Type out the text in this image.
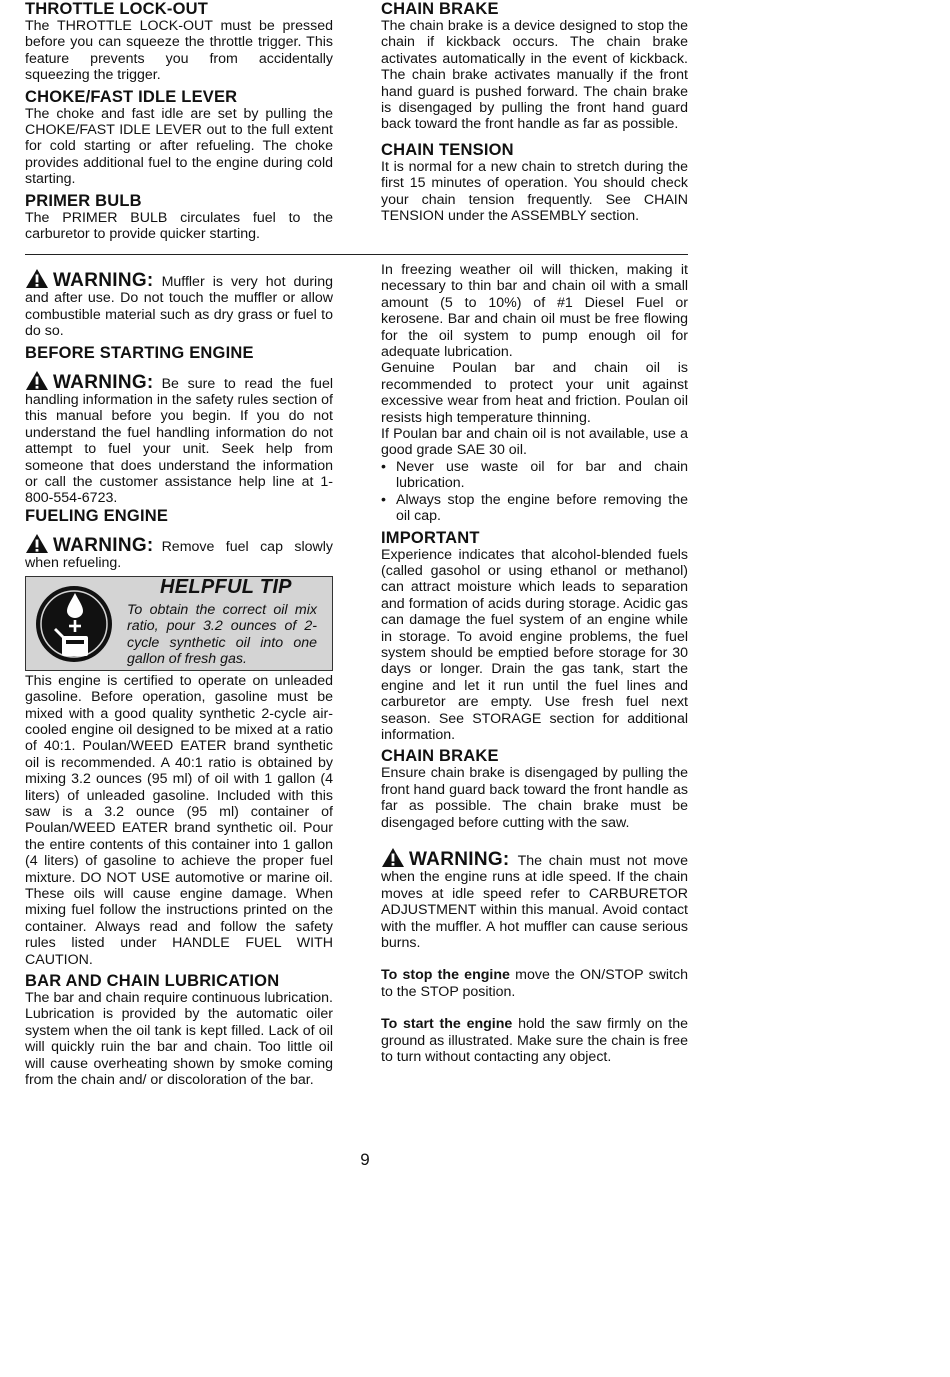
THROTTLE LOCK-OUT

The THROTTLE LOCK-OUT must be pressed before you can squeeze the throttle trigger. This feature prevents you from accidentally squeezing the trigger.

CHOKE/FAST IDLE LEVER

The choke and fast idle are set by pulling the CHOKE/FAST IDLE LEVER out to the full extent for cold starting or after refueling. The choke provides additional fuel to the engine during cold starting.

PRIMER BULB

The PRIMER BULB circulates fuel to the carburetor to provide quicker starting.

CHAIN BRAKE

The chain brake is a device designed to stop the chain if kickback occurs. The chain brake activates automatically in the event of kickback. The chain brake activates manually if the front hand guard is pushed forward. The chain brake is disengaged by pulling the front hand guard back toward the front handle as far as possible.

CHAIN TENSION

It is normal for a new chain to stretch during the first 15 minutes of operation. You should check your chain tension frequently. See CHAIN TENSION under the ASSEMBLY section.

WARNING: Muffler is very hot during and after use. Do not touch the muffler or allow combustible material such as dry grass or fuel to do so.

BEFORE STARTING ENGINE

WARNING: Be sure to read the fuel handling information in the safety rules section of this manual before you begin. If you do not understand the fuel handling information do not attempt to fuel your unit. Seek help from someone that does understand the information or call the customer assistance help line at 1-800-554-6723.

FUELING ENGINE

WARNING: Remove fuel cap slowly when refueling.

HELPFUL TIP
To obtain the correct oil mix ratio, pour 3.2 ounces of 2-cycle synthetic oil into one gallon of fresh gas.

This engine is certified to operate on unleaded gasoline. Before operation, gasoline must be mixed with a good quality synthetic 2-cycle air-cooled engine oil designed to be mixed at a ratio of 40:1. Poulan/WEED EATER brand synthetic oil is recommended. A 40:1 ratio is obtained by mixing 3.2 ounces (95 ml) of oil with 1 gallon (4 liters) of unleaded gasoline. Included with this saw is a 3.2 ounce (95 ml) container of Poulan/WEED EATER brand synthetic oil. Pour the entire contents of this container into 1 gallon (4 liters) of gasoline to achieve the proper fuel mixture. DO NOT USE automotive or marine oil. These oils will cause engine damage. When mixing fuel follow the instructions printed on the container. Always read and follow the safety rules listed under HANDLE FUEL WITH CAUTION.

BAR AND CHAIN LUBRICATION

The bar and chain require continuous lubrication. Lubrication is provided by the automatic oiler system when the oil tank is kept filled. Lack of oil will quickly ruin the bar and chain. Too little oil will cause overheating shown by smoke coming from the chain and/ or discoloration of the bar.

In freezing weather oil will thicken, making it necessary to thin bar and chain oil with a small amount (5 to 10%) of #1 Diesel Fuel or kerosene. Bar and chain oil must be free flowing for the oil system to pump enough oil for adequate lubrication.

Genuine Poulan bar and chain oil is recommended to protect your unit against excessive wear from heat and friction. Poulan oil resists high temperature thinning.

If Poulan bar and chain oil is not available, use a good grade SAE 30 oil.

• Never use waste oil for bar and chain lubrication.
• Always stop the engine before removing the oil cap.
IMPORTANT

Experience indicates that alcohol-blended fuels (called gasohol or using ethanol or methanol) can attract moisture which leads to separation and formation of acids during storage. Acidic gas can damage the fuel system of an engine while in storage. To avoid engine problems, the fuel system should be emptied before storage for 30 days or longer. Drain the gas tank, start the engine and let it run until the fuel lines and carburetor are empty. Use fresh fuel next season. See STORAGE section for additional information.

CHAIN BRAKE

Ensure chain brake is disengaged by pulling the front hand guard back toward the front handle as far as possible. The chain brake must be disengaged before cutting with the saw.

WARNING: The chain must not move when the engine runs at idle speed. If the chain moves at idle speed refer to CARBURETOR ADJUSTMENT within this manual. Avoid contact with the muffler. A hot muffler can cause serious burns.

To stop the engine move the ON/STOP switch to the STOP position.

To start the engine hold the saw firmly on the ground as illustrated. Make sure the chain is free to turn without contacting any object.

9
